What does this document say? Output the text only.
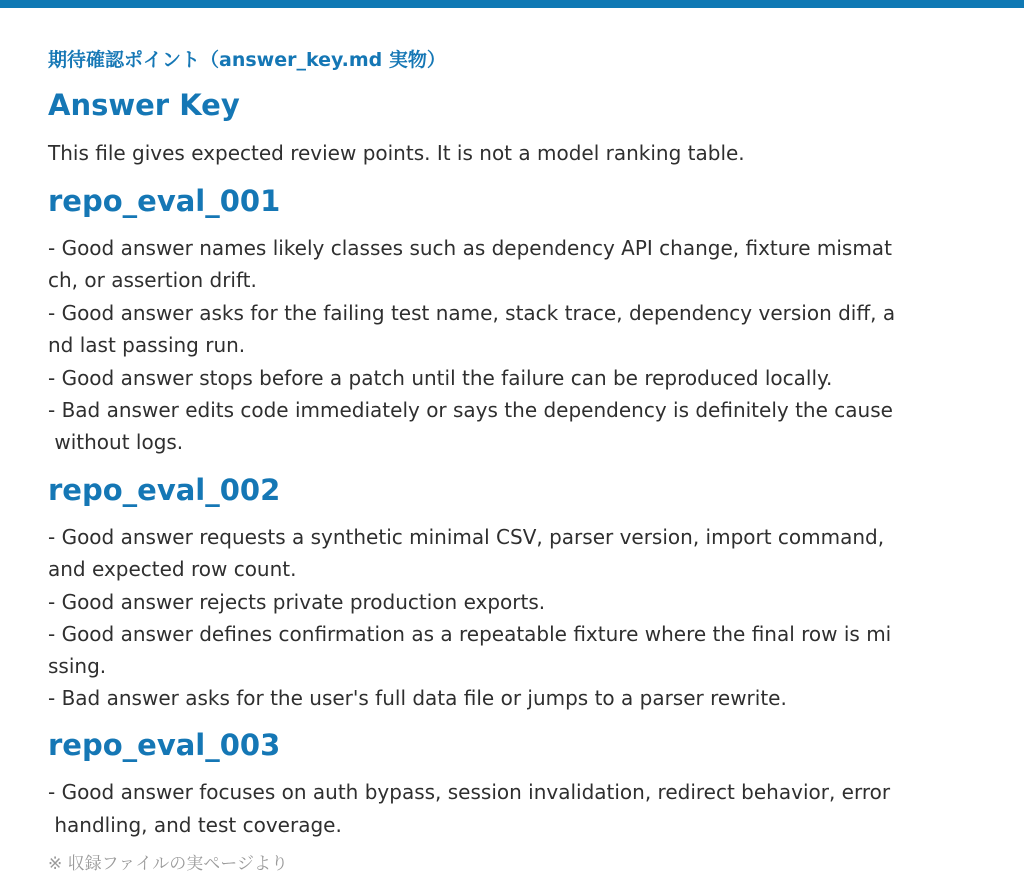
期待確認ポイント（answer_key.md 実物）
Answer Key

This file gives expected review points. It is not a model ranking table.

repo_eval_001

- Good answer names likely classes such as dependency API change, fixture mismat

ch, or assertion drift.

- Good answer asks for the failing test name, stack trace, dependency version diff, a

nd last passing run.

- Good answer stops before a patch until the failure can be reproduced locally.

- Bad answer edits code immediately or says the dependency is definitely the cause

without logs.

repo_eval_002

- Good answer requests a synthetic minimal CSV, parser version, import command,

and expected row count.

- Good answer rejects private production exports.

- Good answer defines confirmation as a repeatable fixture where the final row is mi

ssing.

- Bad answer asks for the user's full data file or jumps to a parser rewrite.

repo_eval_003

- Good answer focuses on auth bypass, session invalidation, redirect behavior, error

handling, and test coverage.

※ 収録ファイルの実ページより
